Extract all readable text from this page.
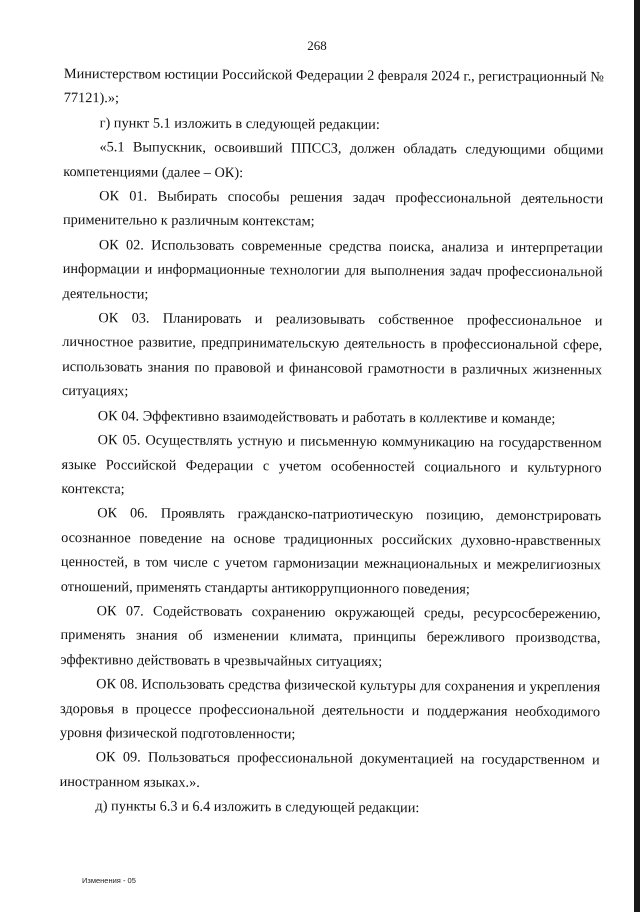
268

Министерством юстиции Российской Федерации 2 февраля 2024 г., регистрационный № 77121).»;

г) пункт 5.1 изложить в следующей редакции:

«5.1 Выпускник, освоивший ППССЗ, должен обладать следующими общими компетенциями (далее – ОК):

ОК 01. Выбирать способы решения задач профессиональной деятельности применительно к различным контекстам;

ОК 02. Использовать современные средства поиска, анализа и интерпретации информации и информационные технологии для выполнения задач профессиональной деятельности;

ОК 03. Планировать и реализовывать собственное профессиональное и личностное развитие, предпринимательскую деятельность в профессиональной сфере, использовать знания по правовой и финансовой грамотности в различных жизненных ситуациях;

ОК 04. Эффективно взаимодействовать и работать в коллективе и команде;

ОК 05. Осуществлять устную и письменную коммуникацию на государственном языке Российской Федерации с учетом особенностей социального и культурного контекста;

ОК 06. Проявлять гражданско-патриотическую позицию, демонстрировать осознанное поведение на основе традиционных российских духовно-нравственных ценностей, в том числе с учетом гармонизации межнациональных и межрелигиозных отношений, применять стандарты антикоррупционного поведения;

ОК 07. Содействовать сохранению окружающей среды, ресурсосбережению, применять знания об изменении климата, принципы бережливого производства, эффективно действовать в чрезвычайных ситуациях;

ОК 08. Использовать средства физической культуры для сохранения и укрепления здоровья в процессе профессиональной деятельности и поддержания необходимого уровня физической подготовленности;

ОК 09. Пользоваться профессиональной документацией на государственном и иностранном языках.».

д) пункты 6.3 и 6.4 изложить в следующей редакции:

Изменения - 05
